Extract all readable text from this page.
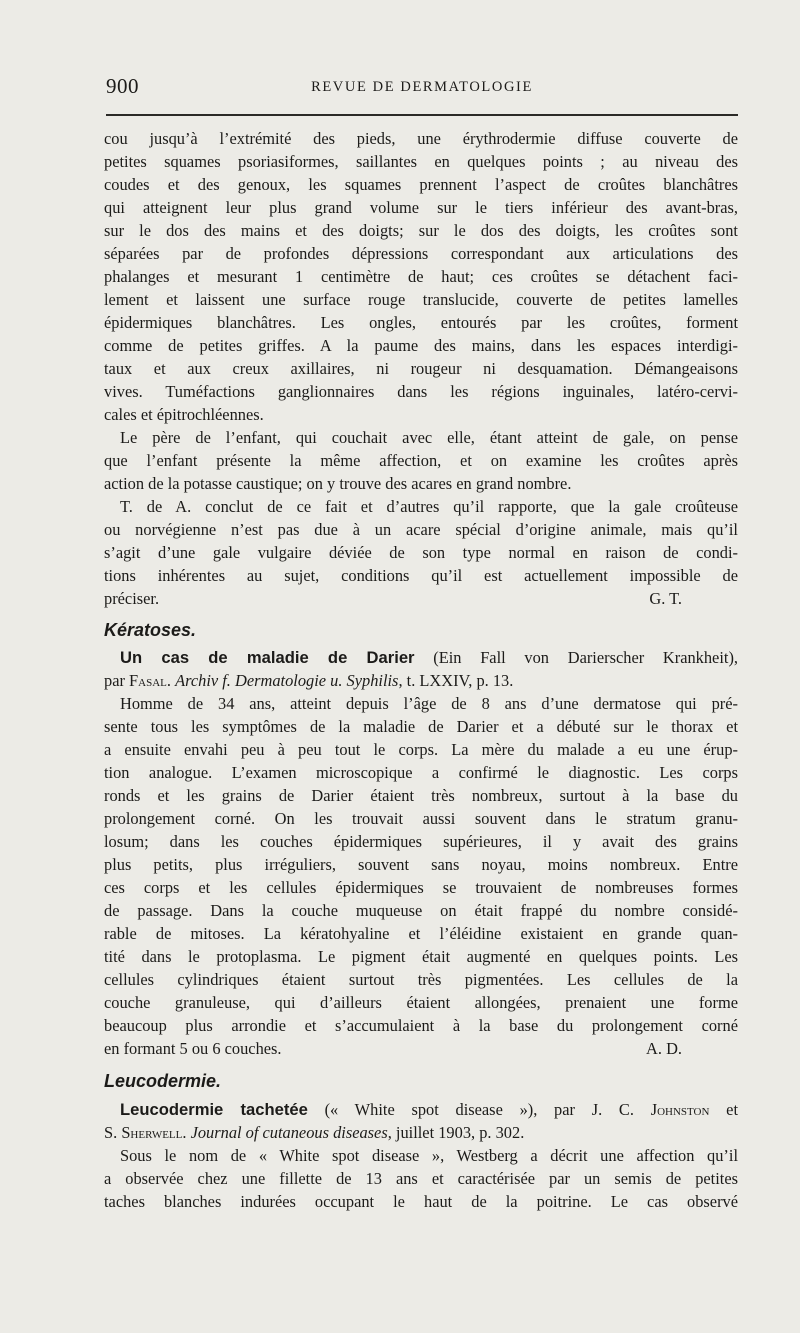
900	REVUE DE DERMATOLOGIE

cou jusqu’à l’extrémité des pieds, une érythrodermie diffuse couverte de

petites squames psoriasiformes, saillantes en quelques points ; au niveau des

coudes et des genoux, les squames prennent l’aspect de croûtes blanchâtres

qui atteignent leur plus grand volume sur le tiers inférieur des avant-bras,

sur le dos des mains et des doigts; sur le dos des doigts, les croûtes sont

séparées par de profondes dépressions correspondant aux articulations des

phalanges et mesurant 1 centimètre de haut; ces croûtes se détachent faci-

lement et laissent une surface rouge translucide, couverte de petites lamelles

épidermiques blanchâtres. Les ongles, entourés par les croûtes, forment

comme de petites griffes. A la paume des mains, dans les espaces interdigi-

taux et aux creux axillaires, ni rougeur ni desquamation. Démangeaisons

vives. Tuméfactions ganglionnaires dans les régions inguinales, latéro-cervi-

cales et épitrochléennes.

Le père de l’enfant, qui couchait avec elle, étant atteint de gale, on pense

que l’enfant présente la même affection, et on examine les croûtes après

action de la potasse caustique; on y trouve des acares en grand nombre.

T. de A. conclut de ce fait et d’autres qu’il rapporte, que la gale croûteuse

ou norvégienne n’est pas due à un acare spécial d’origine animale, mais qu’il

s’agit d’une gale vulgaire déviée de son type normal en raison de condi-

tions inhérentes au sujet, conditions qu’il est actuellement impossible de

préciser.	G. T.
Kératoses.

Un cas de maladie de Darier (Ein Fall von Darierscher Krankheit),

par Fasal. Archiv f. Dermatologie u. Syphilis, t. LXXIV, p. 13.

Homme de 34 ans, atteint depuis l’âge de 8 ans d’une dermatose qui pré-

sente tous les symptômes de la maladie de Darier et a débuté sur le thorax et

a ensuite envahi peu à peu tout le corps. La mère du malade a eu une érup-

tion analogue. L’examen microscopique a confirmé le diagnostic. Les corps

ronds et les grains de Darier étaient très nombreux, surtout à la base du

prolongement corné. On les trouvait aussi souvent dans le stratum granu-

losum; dans les couches épidermiques supérieures, il y avait des grains

plus petits, plus irréguliers, souvent sans noyau, moins nombreux. Entre

ces corps et les cellules épidermiques se trouvaient de nombreuses formes

de passage. Dans la couche muqueuse on était frappé du nombre considé-

rable de mitoses. La kératohyaline et l’éléidine existaient en grande quan-

tité dans le protoplasma. Le pigment était augmenté en quelques points. Les

cellules cylindriques étaient surtout très pigmentées. Les cellules de la

couche granuleuse, qui d’ailleurs étaient allongées, prenaient une forme

beaucoup plus arrondie et s’accumulaient à la base du prolongement corné

en formant 5 ou 6 couches.	A. D.
Leucodermie.

Leucodermie tachetée (« White spot disease »), par J. C. Johnston et

S. Sherwell. Journal of cutaneous diseases, juillet 1903, p. 302.

Sous le nom de « White spot disease », Westberg a décrit une affection qu’il

a observée chez une fillette de 13 ans et caractérisée par un semis de petites

taches blanches indurées occupant le haut de la poitrine. Le cas observé
